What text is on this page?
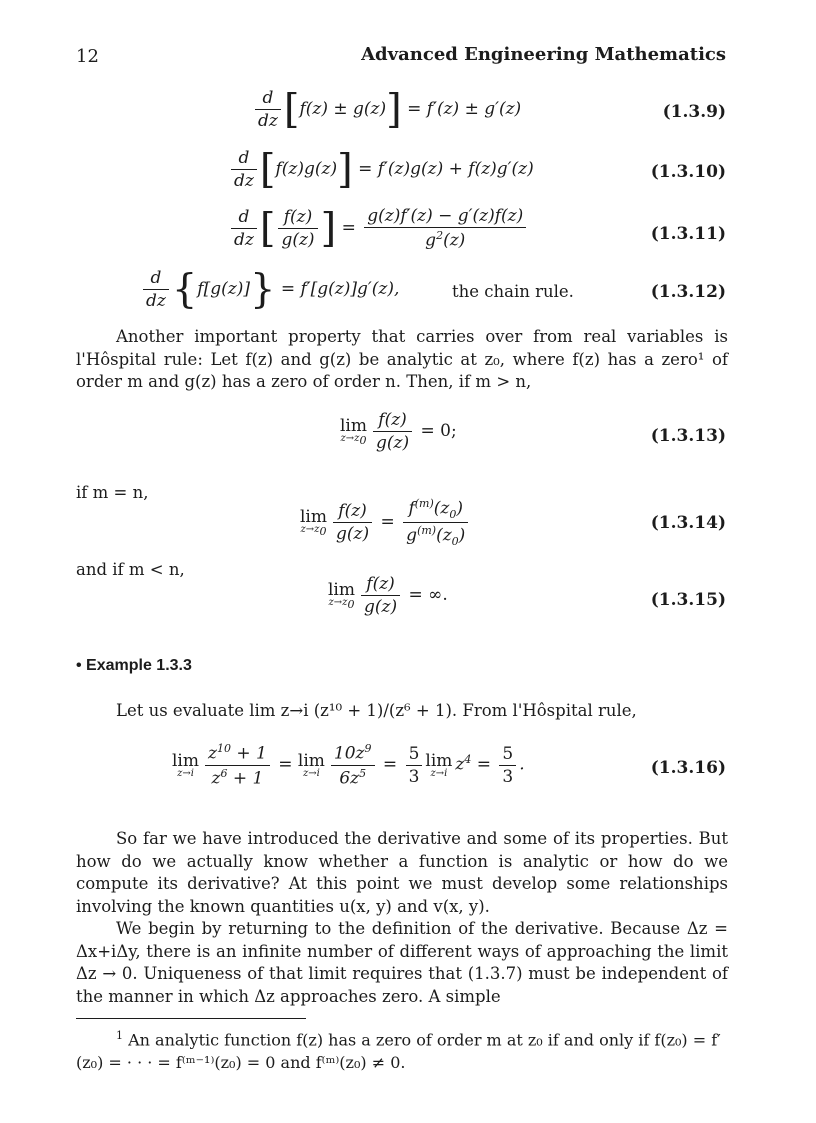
12	Advanced Engineering Mathematics
$\frac{d}{dz} [f(z) \pm g(z)] = f'(z) \pm g'(z)$	(1.3.9)
$\frac{d}{dz} [f(z)g(z)] = f'(z)g(z) + f(z)g'(z)$	(1.3.10)
$\frac{d}{dz}$ [ $\frac{f(z)}{g(z)}$ ] = $\frac{g(z)f'(z) - g'(z)f(z)}{g^2(z)}$	(1.3.11)
$\frac{d}{dz} \{f[g(z)]\} = f'[g(z)]g'(z)$,	(1.3.12)
the chain rule.

Another important property that carries over from real variables is l'Hôspital rule: Let f(z) and g(z) be analytic at z₀, where f(z) has a zero¹ of order m and g(z) has a zero of order n. Then, if m > n,

lim
$z\to z_0 \frac{f(z)}{g(z)} = 0$;	(1.3.13)
if m = n,
lim
$z\to z_0 \frac{f(z)}{g(z)} = \frac{f^{(m)}(z_0)}{g^{(m)}(z_0)}$	(1.3.14)
and if m < n,
lim
$z\to z_0 \frac{f(z)}{g(z)}$ = ∞.	(1.3.15)
• Example 1.3.3

Let us evaluate lim z→i (z¹⁰ + 1)/(z⁶ + 1). From l'Hôspital rule,

lim
$z\to i \frac{z^{10} + 1}{z^6 + 1} = \lim$
$z\to i \frac{10z^9}{6z^5} = \frac{5}{3}$ lim
z→i $z^4 = \frac{5}{3}$ .	(1.3.16)

So far we have introduced the derivative and some of its properties. But how do we actually know whether a function is analytic or how do we compute its derivative? At this point we must develop some relationships involving the known quantities u(x, y) and v(x, y).

We begin by returning to the definition of the derivative. Because Δz = Δx+iΔy, there is an infinite number of different ways of approaching the limit Δz → 0. Uniqueness of that limit requires that (1.3.7) must be independent of the manner in which Δz approaches zero. A simple

$^1$ An analytic function f(z) has a zero of order m at z₀ if and only if f(z₀) = f′(z₀) = · · · = f⁽ᵐ⁻¹⁾(z₀) = 0 and f⁽ᵐ⁾(z₀) ≠ 0.
